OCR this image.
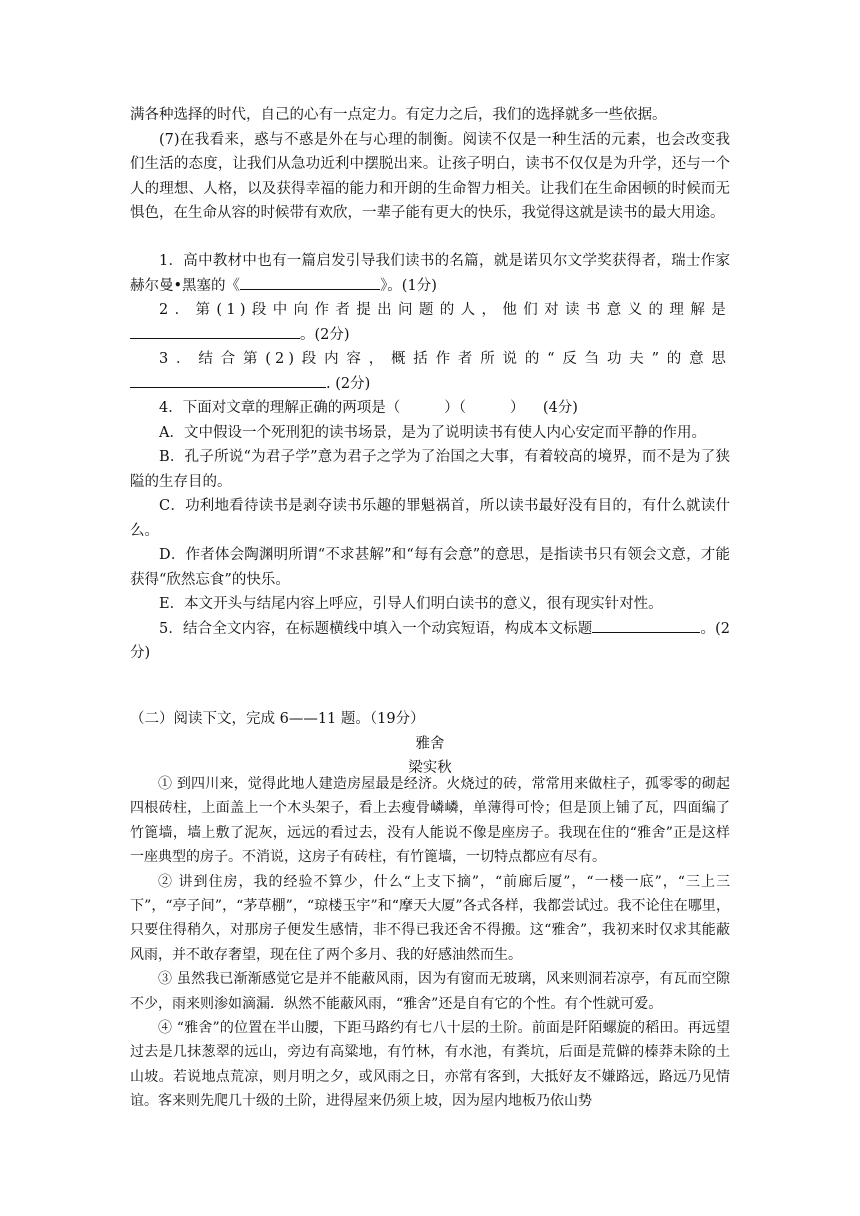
满各种选择的时代，自己的心有一点定力。有定力之后，我们的选择就多一些依据。

(7)在我看来，惑与不惑是外在与心理的制衡。阅读不仅是一种生活的元素，也会改变我们生活的态度，让我们从急功近利中摆脱出来。让孩子明白，读书不仅仅是为升学，还与一个人的理想、人格，以及获得幸福的能力和开朗的生命智力相关。让我们在生命困顿的时候而无惧色，在生命从容的时候带有欢欣，一辈子能有更大的快乐，我觉得这就是读书的最大用途。

1．高中教材中也有一篇启发引导我们读书的名篇，就是诺贝尔文学奖获得者，瑞士作家赫尔曼•黑塞的《	》。(1分)

2．第(1)段中向作者提出问题的人，他们对读书意义的理解是。(2分)

3．结合第(2)段内容，概括作者所说的“反刍功夫”的意思. (2分)

4．下面对文章的理解正确的两项是（	）（	） (4分)

A．文中假设一个死刑犯的读书场景，是为了说明读书有使人内心安定而平静的作用。

B．孔子所说“为君子学”意为君子之学为了治国之大事，有着较高的境界，而不是为了狭隘的生存目的。

C．功利地看待读书是剥夺读书乐趣的罪魁祸首，所以读书最好没有目的，有什么就读什么。

D．作者体会陶渊明所谓“不求甚解”和“每有会意”的意思，是指读书只有领会文意，才能获得“欣然忘食”的快乐。

E．本文开头与结尾内容上呼应，引导人们明白读书的意义，很有现实针对性。

5．结合全文内容，在标题横线中填入一个动宾短语，构成本文标题	。(2分)

（二）阅读下文，完成 6——11 题。（19分）

雅舍

梁实秋

① 到四川来，觉得此地人建造房屋最是经济。火烧过的砖，常常用来做柱子，孤零零的砌起四根砖柱，上面盖上一个木头架子，看上去瘦骨嶙嶙，单薄得可怜；但是顶上铺了瓦，四面编了竹篦墙，墙上敷了泥灰，远远的看过去，没有人能说不像是座房子。我现在住的“雅舍”正是这样一座典型的房子。不消说，这房子有砖柱，有竹篦墙，一切特点都应有尽有。

② 讲到住房，我的经验不算少，什么“上支下摘”，“前廊后厦”，“一楼一底”，“三上三下”，“亭子间”，“茅草棚”，“琼楼玉宇”和“摩天大厦”各式各样，我都尝试过。我不论住在哪里，只要住得稍久，对那房子便发生感情，非不得已我还舍不得搬。这“雅舍”，我初来时仅求其能蔽风雨，并不敢存奢望，现在住了两个多月、我的好感油然而生。

③ 虽然我已渐渐感觉它是并不能蔽风雨，因为有窗而无玻璃，风来则洞若凉亭，有瓦而空隙不少，雨来则渗如滴漏．纵然不能蔽风雨，“雅舍”还是自有它的个性。有个性就可爱。

④ “雅舍”的位置在半山腰，下距马路约有七八十层的土阶。前面是阡陌螺旋的稻田。再远望过去是几抹葱翠的远山，旁边有高粱地，有竹林，有水池，有粪坑，后面是荒僻的榛莽未除的土山坡。若说地点荒凉，则月明之夕，或风雨之日，亦常有客到，大抵好友不嫌路远，路远乃见情谊。客来则先爬几十级的土阶，进得屋来仍须上坡，因为屋内地板乃依山势
